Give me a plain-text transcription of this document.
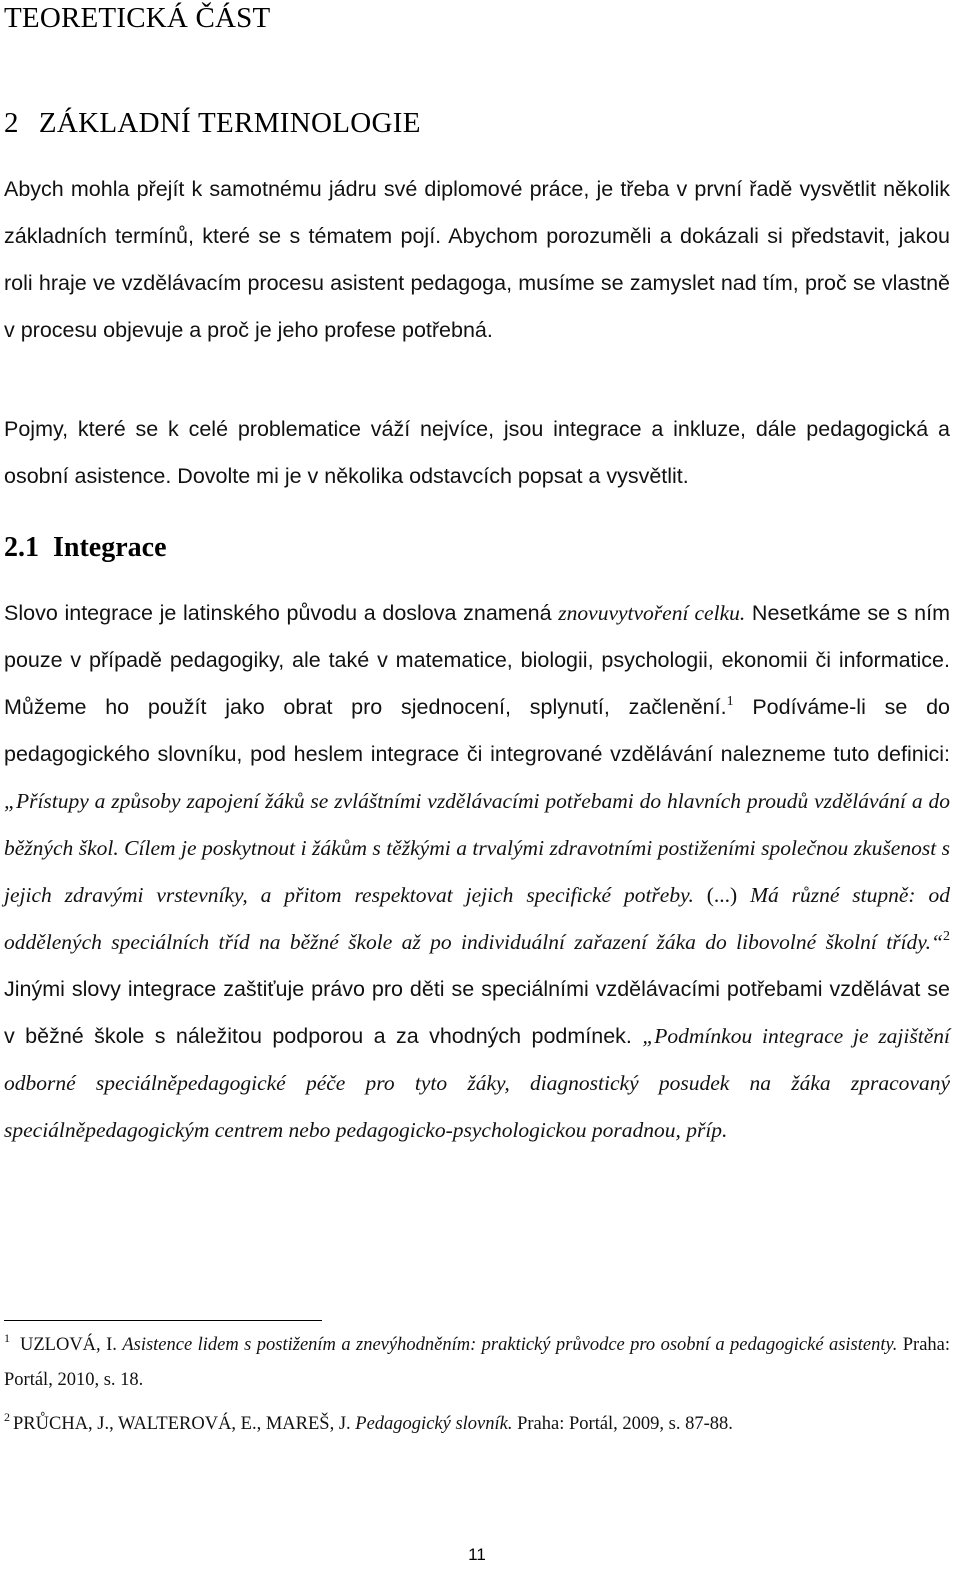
TEORETICKÁ ČÁST
2 ZÁKLADNÍ TERMINOLOGIE

Abych mohla přejít k samotnému jádru své diplomové práce, je třeba v první řadě vysvětlit několik základních termínů, které se s tématem pojí. Abychom porozuměli a dokázali si představit, jakou roli hraje ve vzdělávacím procesu asistent pedagoga, musíme se zamyslet nad tím, proč se vlastně v procesu objevuje a proč je jeho profese potřebná.

Pojmy, které se k celé problematice váží nejvíce, jsou integrace a inkluze, dále pedagogická a osobní asistence. Dovolte mi je v několika odstavcích popsat a vysvětlit.

2.1 Integrace

Slovo integrace je latinského původu a doslova znamená znovuvytvoření celku. Nesetkáme se s ním pouze v případě pedagogiky, ale také v matematice, biologii, psychologii, ekonomii či informatice. Můžeme ho použít jako obrat pro sjednocení, splynutí, začlenění.$^1$ Podíváme-li se do pedagogického slovníku, pod heslem integrace či integrované vzdělávání nalezneme tuto definici: „Přístupy a způsoby zapojení žáků se zvláštními vzdělávacími potřebami do hlavních proudů vzdělávání a do běžných škol. Cílem je poskytnout i žákům s těžkými a trvalými zdravotními postiženími společnou zkušenost s jejich zdravými vrstevníky, a přitom respektovat jejich specifické potřeby. (...) Má různé stupně: od oddělených speciálních tříd na běžné škole až po individuální zařazení žáka do libovolné školní třídy.“$^2$ Jinými slovy integrace zaštiťuje právo pro děti se speciálními vzdělávacími potřebami vzdělávat se v běžné škole s náležitou podporou a za vhodných podmínek. „Podmínkou integrace je zajištění odborné speciálněpedagogické péče pro tyto žáky, diagnostický posudek na žáka zpracovaný speciálněpedagogickým centrem nebo pedagogicko-psychologickou poradnou, příp.

$^1$ UZLOVÁ, I. Asistence lidem s postižením a znevýhodněním: praktický průvodce pro osobní a pedagogické asistenty. Praha: Portál, 2010, s. 18.

$^2$ PRŮCHA, J., WALTEROVÁ, E., MAREŠ, J. Pedagogický slovník. Praha: Portál, 2009, s. 87-88.

11
